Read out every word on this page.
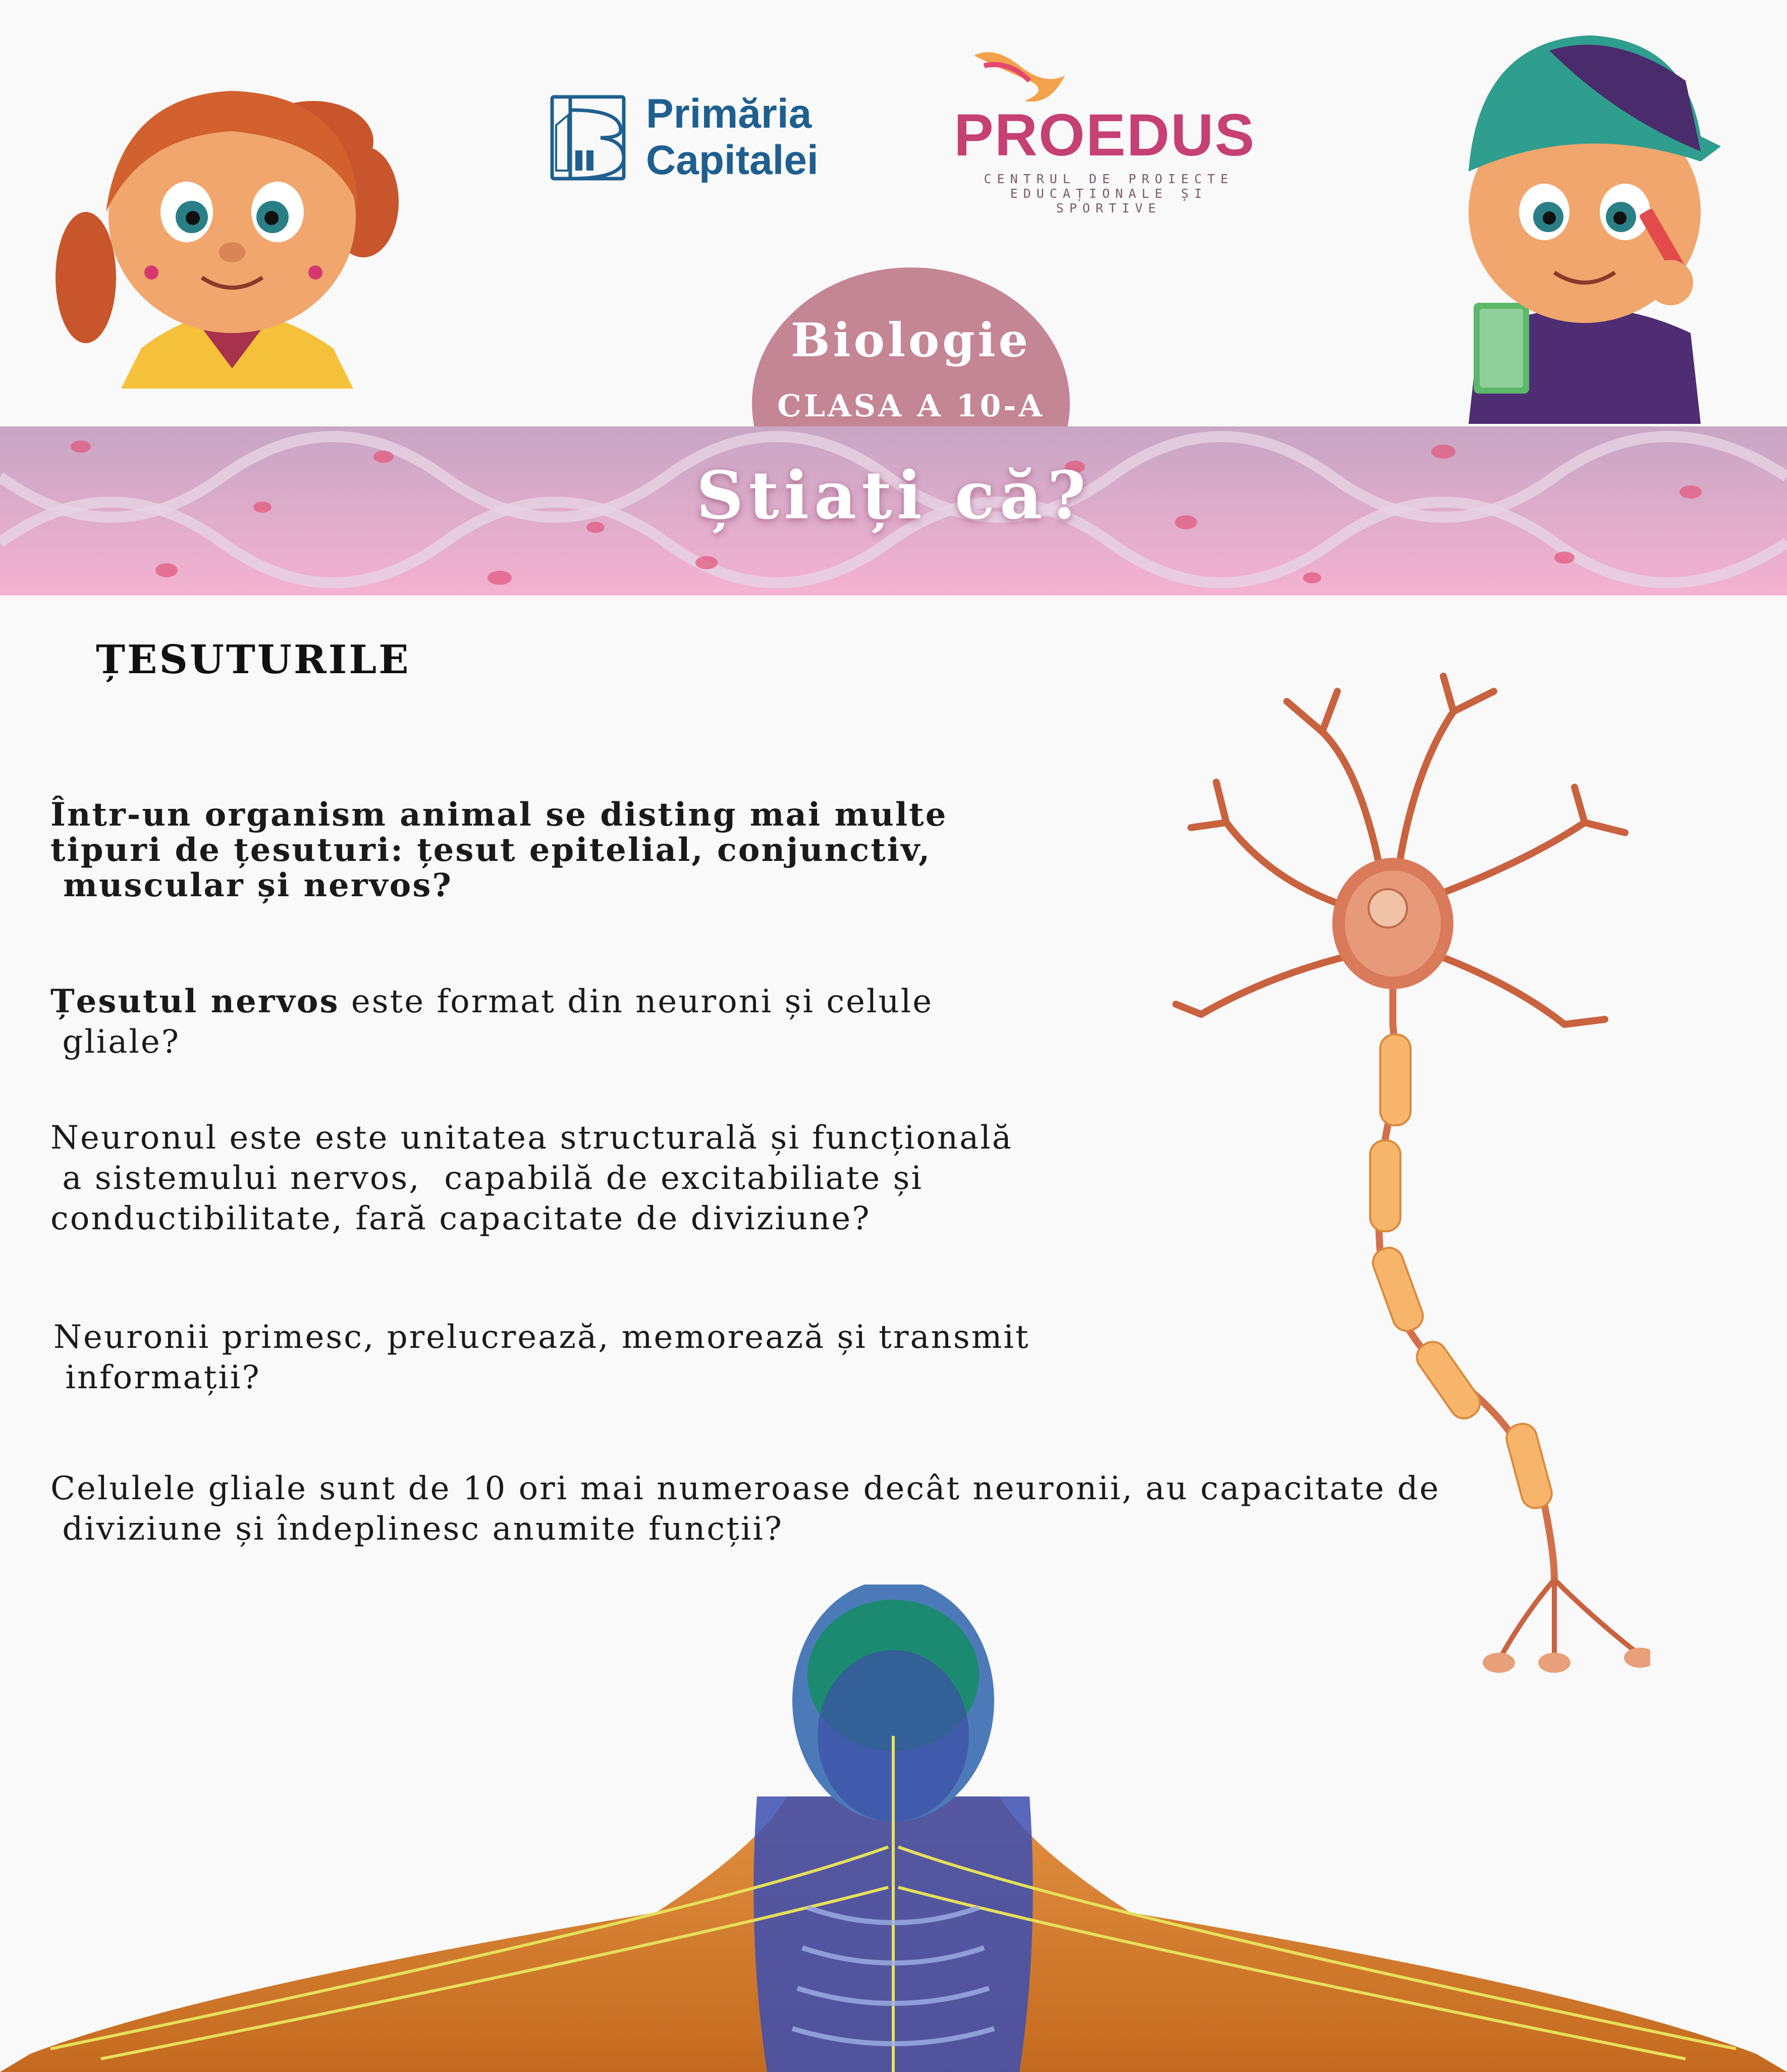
Primăria
Capitalei PROEDUS
CENTRUL DE PROIECTE
EDUCAȚIONALE ȘI SPORTIVE
Biologie
CLASA A 10-A
Știați că?
ȚESUTURILE

Într-un organism animal se disting mai multe
tipuri de țesuturi: țesut epitelial, conjunctiv,
muscular și nervos?

Țesutul nervos este format din neuroni și celule
gliale?

Neuronul este este unitatea structurală și funcțională
a sistemului nervos,  capabilă de excitabiliate și
conductibilitate, fară capacitate de diviziune?

Neuronii primesc, prelucrează, memorează și transmit
informații?

Celulele gliale sunt de 10 ori mai numeroase decât neuronii, au capacitate de
diviziune și îndeplinesc anumite funcții?
